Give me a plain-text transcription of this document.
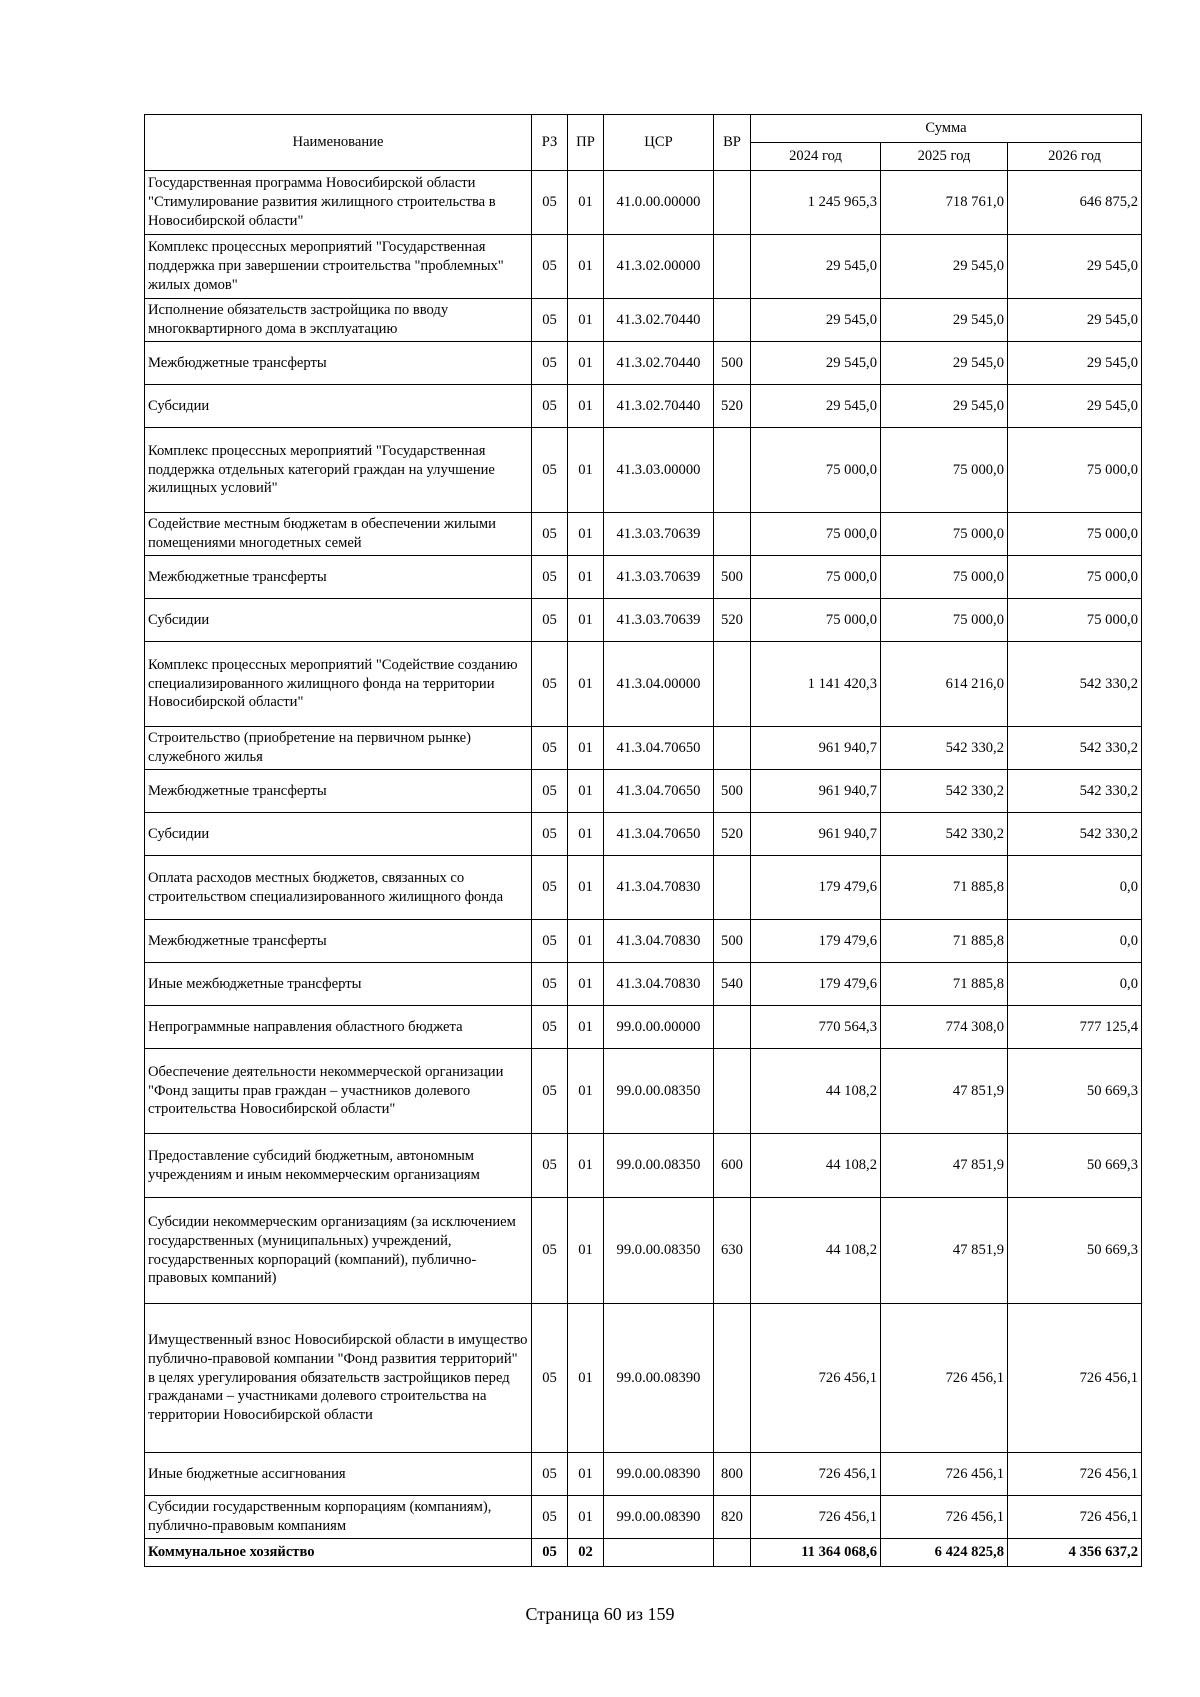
Наименование	РЗ	ПР	ЦСР	ВР	Сумма		
					2024 год	2025 год	2026 год
Государственная программа Новосибирской области "Стимулирование развития жилищного строительства в Новосибирской области"	05	01	41.0.00.00000		1 245 965,3	718 761,0	646 875,2
Комплекс процессных мероприятий "Государственная поддержка при завершении строительства "проблемных" жилых домов"	05	01	41.3.02.00000		29 545,0	29 545,0	29 545,0
Исполнение обязательств застройщика по вводу многоквартирного дома в эксплуатацию	05	01	41.3.02.70440		29 545,0	29 545,0	29 545,0
Межбюджетные трансферты	05	01	41.3.02.70440	500	29 545,0	29 545,0	29 545,0
Субсидии	05	01	41.3.02.70440	520	29 545,0	29 545,0	29 545,0
Комплекс процессных мероприятий "Государственная поддержка отдельных категорий граждан на улучшение жилищных условий"	05	01	41.3.03.00000		75 000,0	75 000,0	75 000,0
Содействие местным бюджетам в обеспечении жилыми помещениями многодетных семей	05	01	41.3.03.70639		75 000,0	75 000,0	75 000,0
Межбюджетные трансферты	05	01	41.3.03.70639	500	75 000,0	75 000,0	75 000,0
Субсидии	05	01	41.3.03.70639	520	75 000,0	75 000,0	75 000,0
Комплекс процессных мероприятий "Содействие созданию специализированного жилищного фонда на территории Новосибирской области"	05	01	41.3.04.00000		1 141 420,3	614 216,0	542 330,2
Строительство (приобретение на первичном рынке) служебного жилья	05	01	41.3.04.70650		961 940,7	542 330,2	542 330,2
Межбюджетные трансферты	05	01	41.3.04.70650	500	961 940,7	542 330,2	542 330,2
Субсидии	05	01	41.3.04.70650	520	961 940,7	542 330,2	542 330,2
Оплата расходов местных бюджетов, связанных со строительством специализированного жилищного фонда	05	01	41.3.04.70830		179 479,6	71 885,8	0,0
Межбюджетные трансферты	05	01	41.3.04.70830	500	179 479,6	71 885,8	0,0
Иные межбюджетные трансферты	05	01	41.3.04.70830	540	179 479,6	71 885,8	0,0
Непрограммные направления областного бюджета	05	01	99.0.00.00000		770 564,3	774 308,0	777 125,4
Обеспечение деятельности некоммерческой организации "Фонд защиты прав граждан – участников долевого строительства Новосибирской области"	05	01	99.0.00.08350		44 108,2	47 851,9	50 669,3
Предоставление субсидий бюджетным, автономным учреждениям и иным некоммерческим организациям	05	01	99.0.00.08350	600	44 108,2	47 851,9	50 669,3
Субсидии некоммерческим организациям (за исключением государственных (муниципальных) учреждений, государственных корпораций (компаний), публично-правовых компаний)	05	01	99.0.00.08350	630	44 108,2	47 851,9	50 669,3
Имущественный взнос Новосибирской области в имущество публично-правовой компании "Фонд развития территорий" в целях урегулирования обязательств застройщиков перед гражданами – участниками долевого строительства на территории Новосибирской области	05	01	99.0.00.08390		726 456,1	726 456,1	726 456,1
Иные бюджетные ассигнования	05	01	99.0.00.08390	800	726 456,1	726 456,1	726 456,1
Субсидии государственным корпорациям (компаниям), публично-правовым компаниям	05	01	99.0.00.08390	820	726 456,1	726 456,1	726 456,1
Коммунальное хозяйство	05	02			11 364 068,6	6 424 825,8	4 356 637,2
Страница 60 из 159
